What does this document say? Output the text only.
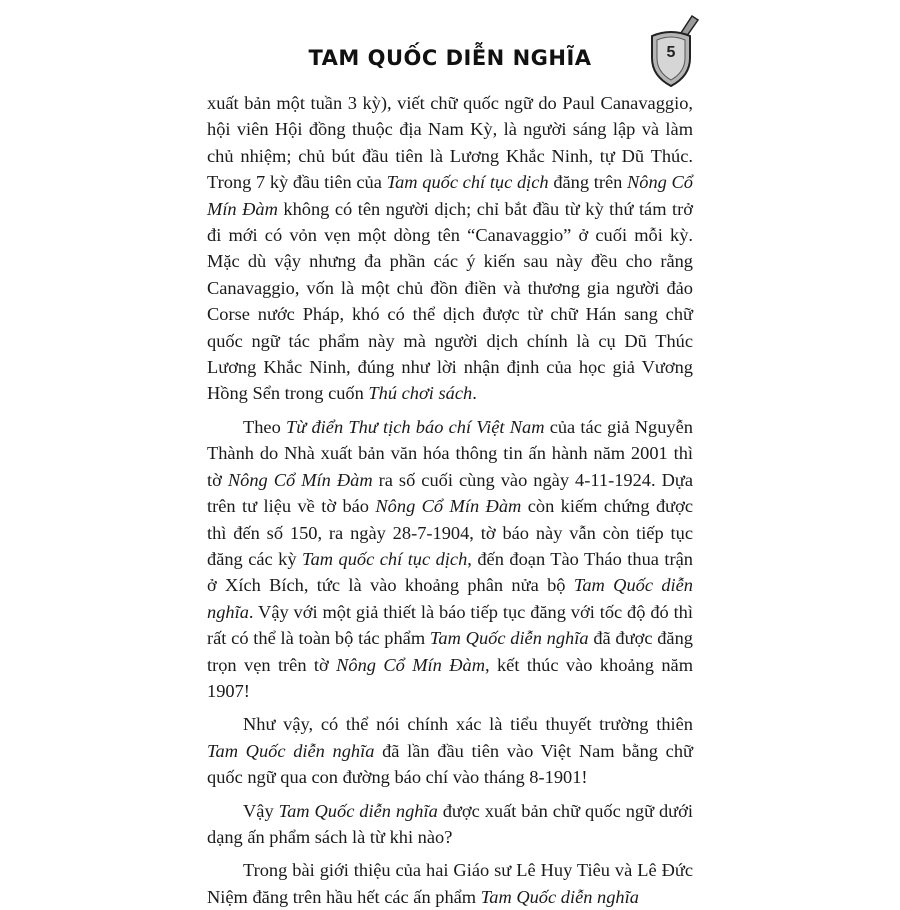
TAM QUỐC DIỄN NGHĨA	5

xuất bản một tuần 3 kỳ), viết chữ quốc ngữ do Paul Canavaggio, hội viên Hội đồng thuộc địa Nam Kỳ, là người sáng lập và làm chủ nhiệm; chủ bút đầu tiên là Lương Khắc Ninh, tự Dũ Thúc. Trong 7 kỳ đầu tiên của Tam quốc chí tục dịch đăng trên Nông Cổ Mín Đàm không có tên người dịch; chỉ bắt đầu từ kỳ thứ tám trở đi mới có vỏn vẹn một dòng tên “Canavaggio” ở cuối mỗi kỳ. Mặc dù vậy nhưng đa phần các ý kiến sau này đều cho rằng Canavaggio, vốn là một chủ đồn điền và thương gia người đảo Corse nước Pháp, khó có thể dịch được từ chữ Hán sang chữ quốc ngữ tác phẩm này mà người dịch chính là cụ Dũ Thúc Lương Khắc Ninh, đúng như lời nhận định của học giả Vương Hồng Sển trong cuốn Thú chơi sách.

Theo Từ điển Thư tịch báo chí Việt Nam của tác giả Nguyễn Thành do Nhà xuất bản văn hóa thông tin ấn hành năm 2001 thì tờ Nông Cổ Mín Đàm ra số cuối cùng vào ngày 4-11-1924. Dựa trên tư liệu về tờ báo Nông Cổ Mín Đàm còn kiếm chứng được thì đến số 150, ra ngày 28-7-1904, tờ báo này vẫn còn tiếp tục đăng các kỳ Tam quốc chí tục dịch, đến đoạn Tào Tháo thua trận ở Xích Bích, tức là vào khoảng phân nửa bộ Tam Quốc diễn nghĩa. Vậy với một giả thiết là báo tiếp tục đăng với tốc độ đó thì rất có thể là toàn bộ tác phẩm Tam Quốc diễn nghĩa đã được đăng trọn vẹn trên tờ Nông Cổ Mín Đàm, kết thúc vào khoảng năm 1907!

Như vậy, có thể nói chính xác là tiểu thuyết trường thiên Tam Quốc diễn nghĩa đã lần đầu tiên vào Việt Nam bằng chữ quốc ngữ qua con đường báo chí vào tháng 8-1901!

Vậy Tam Quốc diễn nghĩa được xuất bản chữ quốc ngữ dưới dạng ấn phẩm sách là từ khi nào?

Trong bài giới thiệu của hai Giáo sư Lê Huy Tiêu và Lê Đức Niệm đăng trên hầu hết các ấn phẩm Tam Quốc diễn nghĩa
